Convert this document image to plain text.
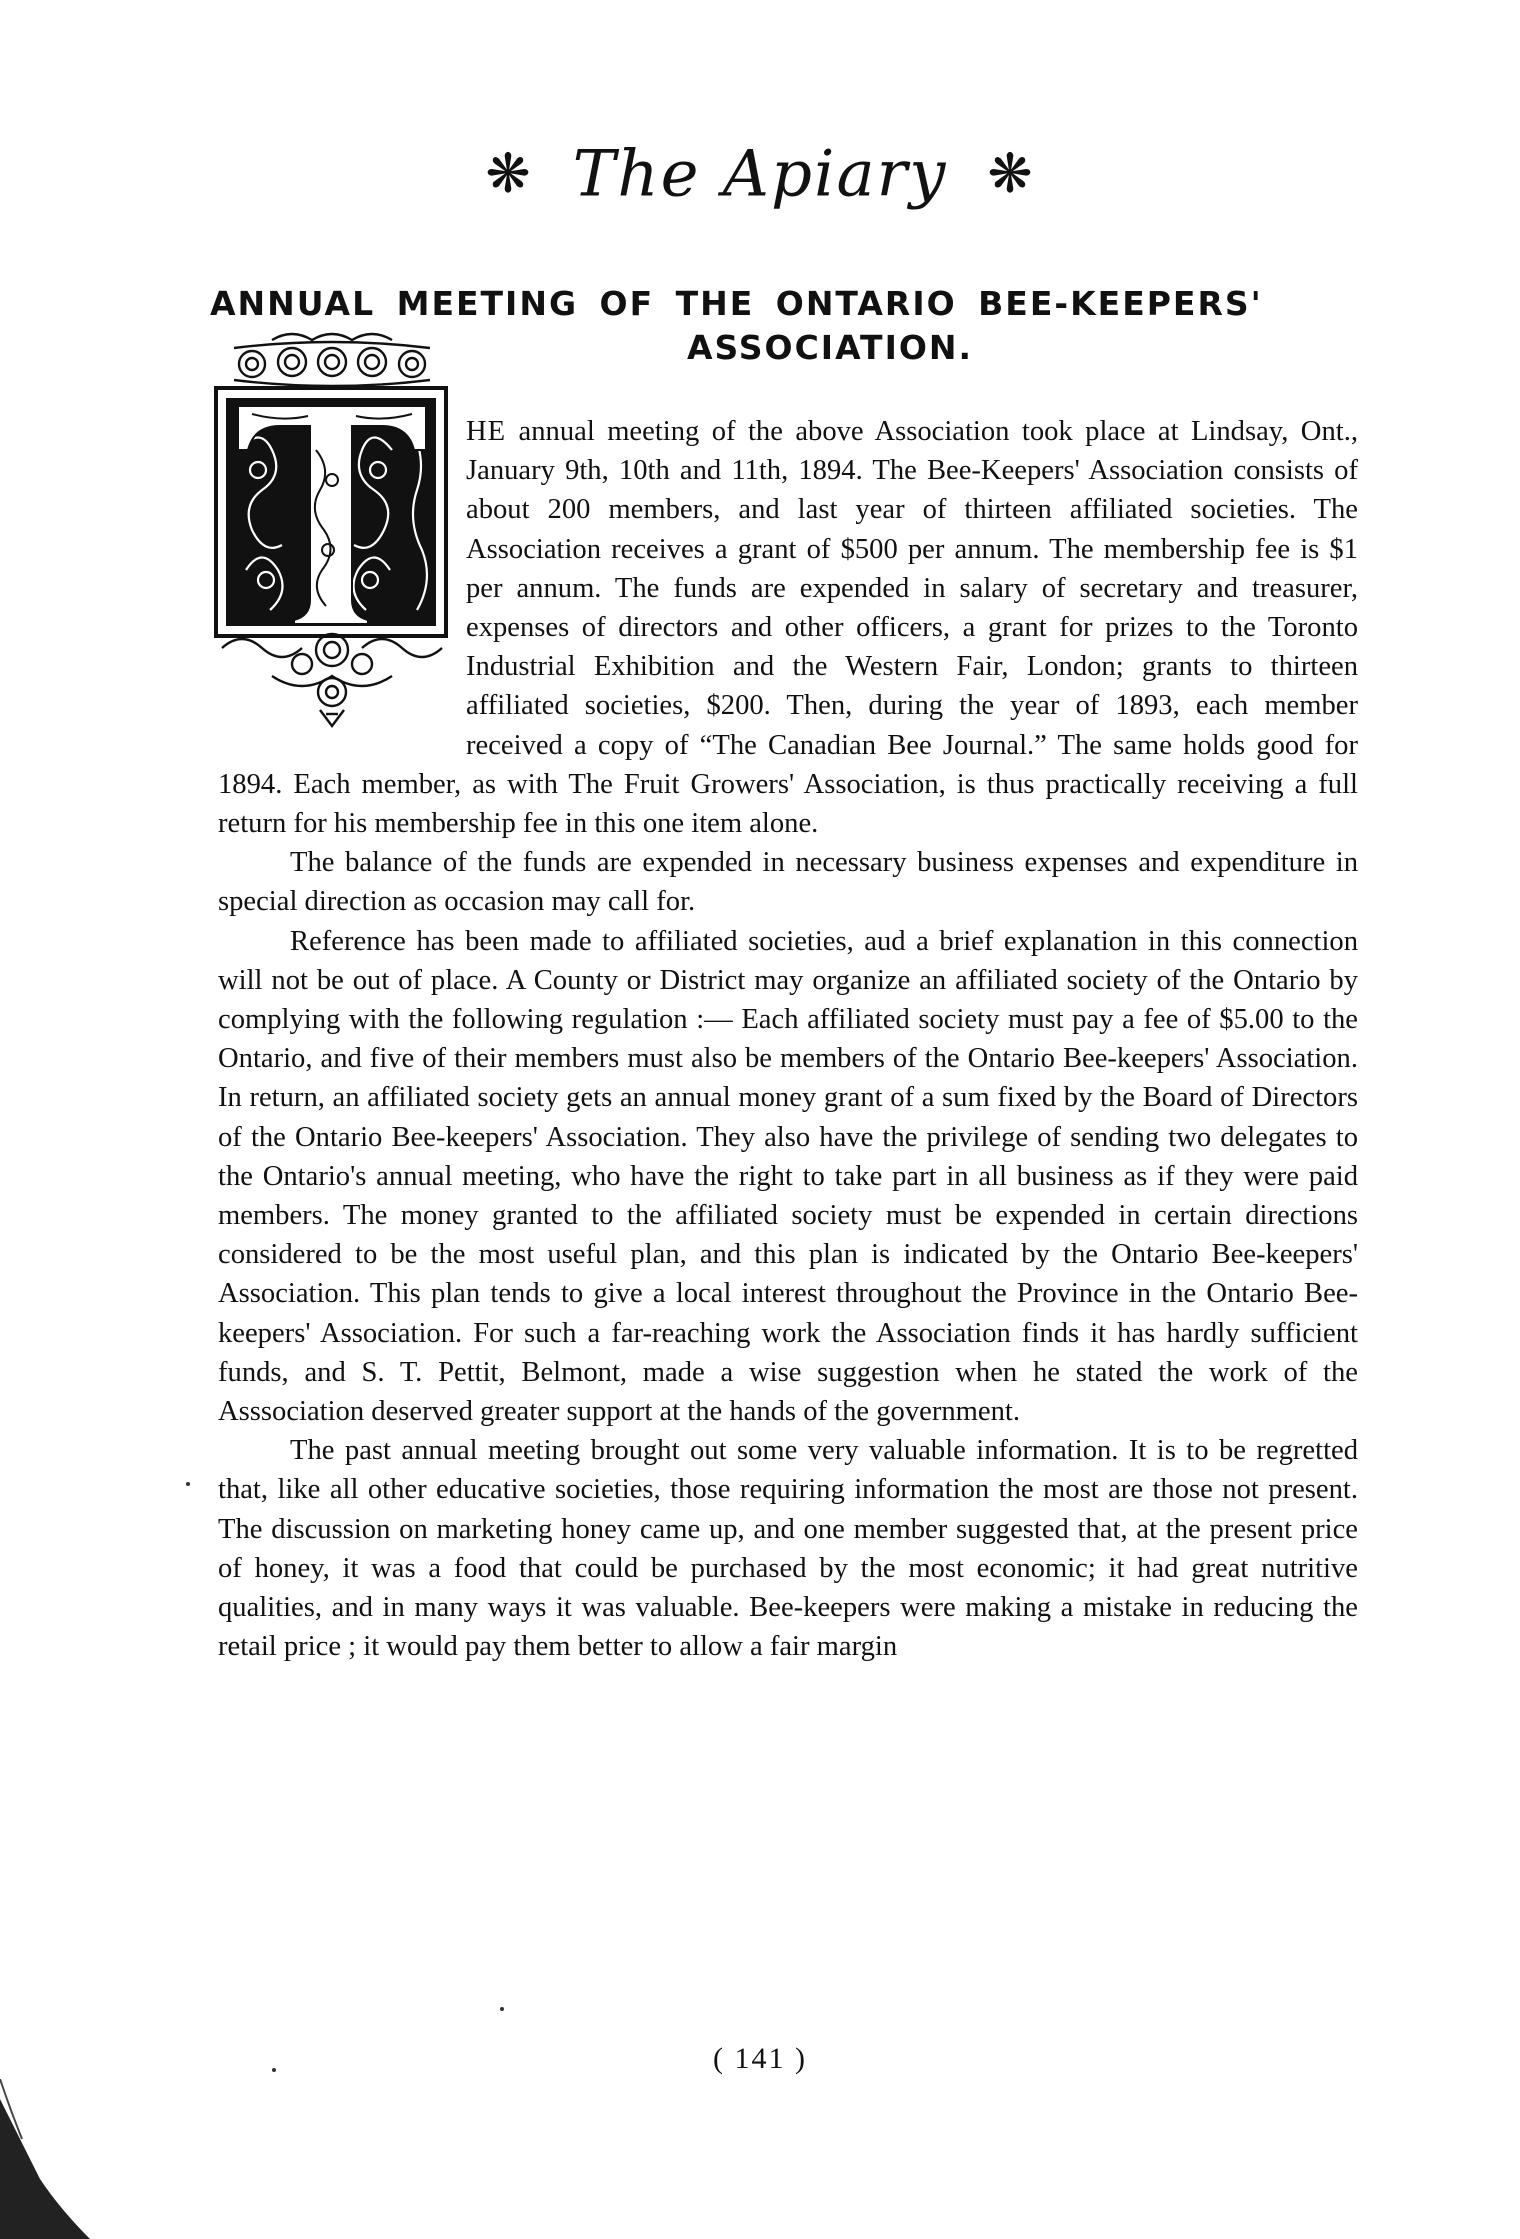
❋ The Apiary ❋
ANNUAL MEETING OF THE ONTARIO BEE-KEEPERS'
ASSOCIATION.

HE annual meeting of the above Association took place at Lindsay, Ont., January 9th, 10th and 11th, 1894. The Bee-Keepers' Association consists of about 200 members, and last year of thirteen affiliated societies. The Association receives a grant of $500 per annum. The membership fee is $1 per annum. The funds are expended in salary of secretary and treasurer, expenses of directors and other officers, a grant for prizes to the Toronto Industrial Exhibition and the Western Fair, London; grants to thirteen affiliated societies, $200. Then, during the year of 1893, each member received a copy of “The Canadian Bee Journal.” The same holds good for 1894. Each member, as with The Fruit Growers' Association, is thus practically receiving a full return for his membership fee in this one item alone.

The balance of the funds are expended in necessary business expenses and expenditure in special direction as occasion may call for.

Reference has been made to affiliated societies, aud a brief explanation in this connection will not be out of place. A County or District may organize an affiliated society of the Ontario by complying with the following regulation :— Each affiliated society must pay a fee of $5.00 to the Ontario, and five of their members must also be members of the Ontario Bee-keepers' Association. In return, an affiliated society gets an annual money grant of a sum fixed by the Board of Directors of the Ontario Bee-keepers' Association. They also have the privilege of sending two delegates to the Ontario's annual meeting, who have the right to take part in all business as if they were paid members. The money granted to the affiliated society must be expended in certain directions considered to be the most useful plan, and this plan is indicated by the Ontario Bee-keepers' Association. This plan tends to give a local interest throughout the Province in the Ontario Bee-keepers' Association. For such a far-reaching work the Association finds it has hardly sufficient funds, and S. T. Pettit, Belmont, made a wise suggestion when he stated the work of the Asssociation deserved greater support at the hands of the government.

The past annual meeting brought out some very valuable information. It is to be regretted that, like all other educative societies, those requiring information the most are those not present. The discussion on marketing honey came up, and one member suggested that, at the present price of honey, it was a food that could be purchased by the most economic; it had great nutritive qualities, and in many ways it was valuable. Bee-keepers were making a mistake in reducing the retail price ; it would pay them better to allow a fair margin

( 141 )
